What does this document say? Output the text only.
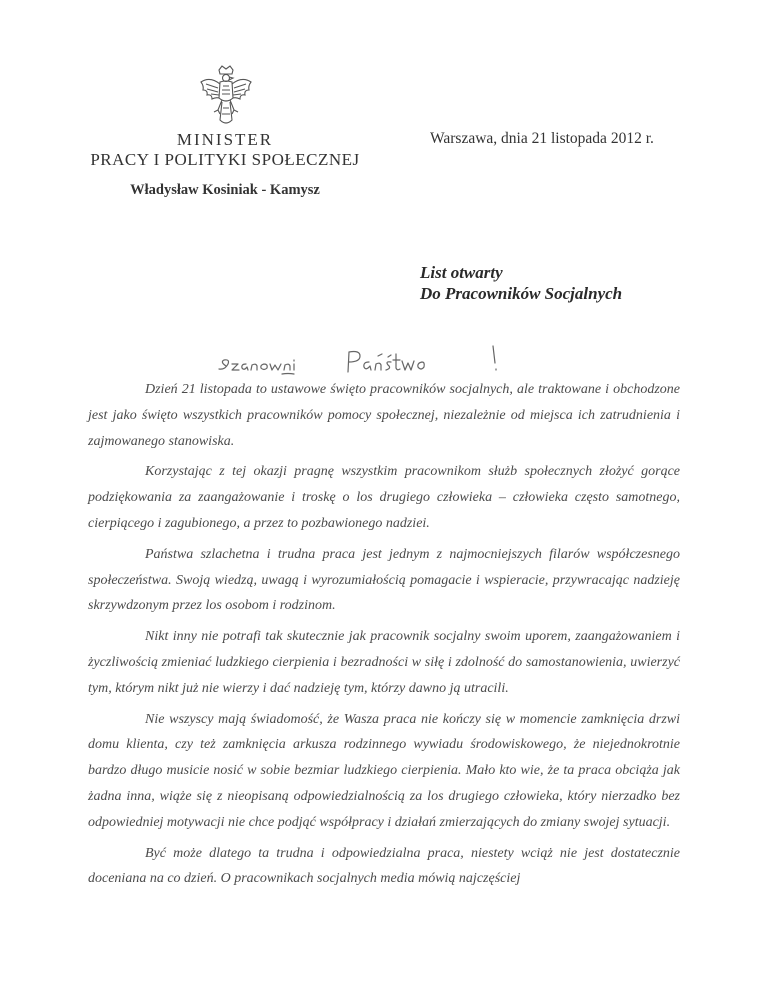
MINISTER
PRACY I POLITYKI SPOŁECZNEJ
Władysław Kosiniak - Kamysz
Warszawa, dnia 21 listopada 2012 r.
List otwarty
Do Pracowników Socjalnych

Dzień 21 listopada to ustawowe święto pracowników socjalnych, ale traktowane i obchodzone jest jako święto wszystkich pracowników pomocy społecznej, niezależnie od miejsca ich zatrudnienia i zajmowanego stanowiska.

Korzystając z tej okazji pragnę wszystkim pracownikom służb społecznych złożyć gorące podziękowania za zaangażowanie i troskę o los drugiego człowieka – człowieka często samotnego, cierpiącego i zagubionego, a przez to pozbawionego nadziei.

Państwa szlachetna i trudna praca jest jednym z najmocniejszych filarów współczesnego społeczeństwa. Swoją wiedzą, uwagą i wyrozumiałością pomagacie i wspieracie, przywracając nadzieję skrzywdzonym przez los osobom i rodzinom.

Nikt inny nie potrafi tak skutecznie jak pracownik socjalny swoim uporem, zaangażowaniem i życzliwością zmieniać ludzkiego cierpienia i bezradności w siłę i zdolność do samostanowienia, uwierzyć tym, którym nikt już nie wierzy i dać nadzieję tym, którzy dawno ją utracili.

Nie wszyscy mają świadomość, że Wasza praca nie kończy się w momencie zamknięcia drzwi domu klienta, czy też zamknięcia arkusza rodzinnego wywiadu środowiskowego, że niejednokrotnie bardzo długo musicie nosić w sobie bezmiar ludzkiego cierpienia. Mało kto wie, że ta praca obciąża jak żadna inna, wiąże się z nieopisaną odpowiedzialnością za los drugiego człowieka, który nierzadko bez odpowiedniej motywacji nie chce podjąć współpracy i działań zmierzających do zmiany swojej sytuacji.

Być może dlatego ta trudna i odpowiedzialna praca, niestety wciąż nie jest dostatecznie doceniana na co dzień. O pracownikach socjalnych media mówią najczęściej
